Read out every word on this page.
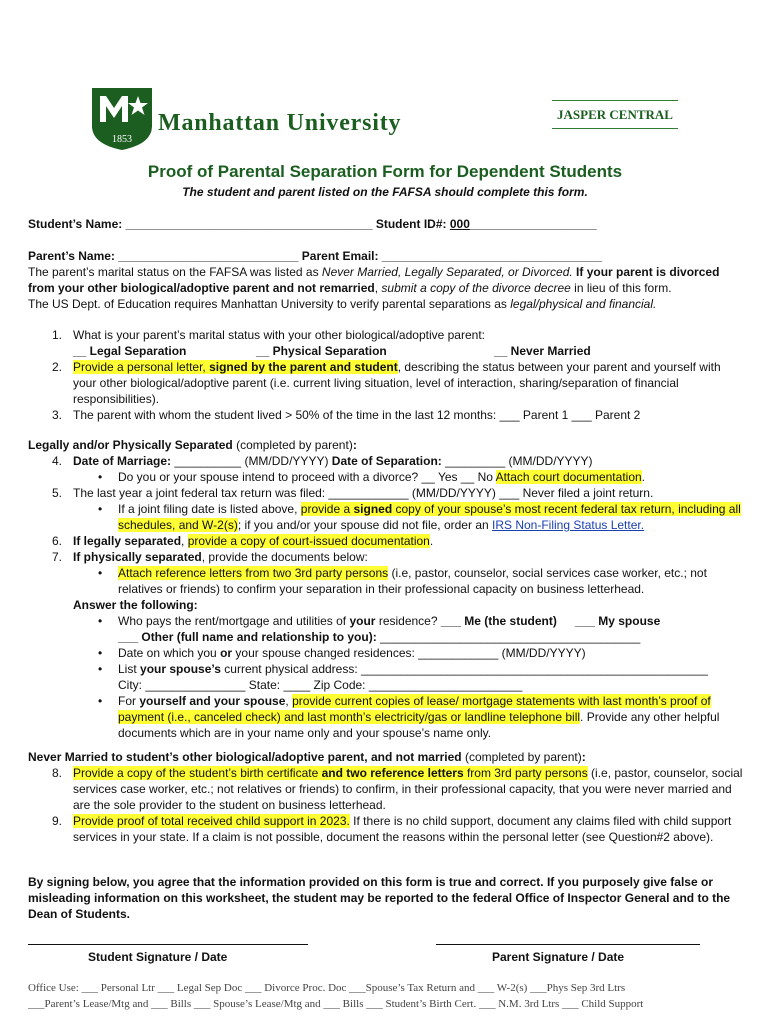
1853
Manhattan University	JASPER CENTRAL
Proof of Parental Separation Form for Dependent Students
The student and parent listed on the FAFSA should complete this form.
Student’s Name: _____________________________________ Student ID#: 000___________________
Parent’s Name: ___________________________ Parent Email: _________________________________
The parent’s marital status on the FAFSA was listed as Never Married, Legally Separated, or Divorced. If your parent is divorced from your other biological/adoptive parent and not remarried, submit a copy of the divorce decree in lieu of this form.
The US Dept. of Education requires Manhattan University to verify parental separations as legal/physical and financial.
1. What is your parent’s marital status with your other biological/adoptive parent:
__ Legal Separation	__ Physical Separation	__ Never Married
2. Provide a personal letter, signed by the parent and student, describing the status between your parent and yourself with your other biological/adoptive parent (i.e. current living situation, level of interaction, sharing/separation of financial responsibilities).
3. The parent with whom the student lived > 50% of the time in the last 12 months: ___ Parent 1 ___ Parent 2
Legally and/or Physically Separated (completed by parent):
4. Date of Marriage: __________ (MM/DD/YYYY) Date of Separation: _________ (MM/DD/YYYY)
• Do you or your spouse intend to proceed with a divorce? __ Yes __ No Attach court documentation.
5. The last year a joint federal tax return was filed: ____________ (MM/DD/YYYY) ___ Never filed a joint return.
• If a joint filing date is listed above, provide a signed copy of your spouse’s most recent federal tax return, including all schedules, and W-2(s); if you and/or your spouse did not file, order an IRS Non-Filing Status Letter.
6. If legally separated, provide a copy of court-issued documentation.
7. If physically separated, provide the documents below:
• Attach reference letters from two 3rd party persons (i.e, pastor, counselor, social services case worker, etc.; not relatives or friends) to confirm your separation in their professional capacity on business letterhead.
Answer the following:
• Who pays the rent/mortgage and utilities of your residence? ___ Me (the student) ___ My spouse
___ Other (full name and relationship to you): _______________________________________
• Date on which you or your spouse changed residences: ____________ (MM/DD/YYYY)
• List your spouse’s current physical address: ____________________________________________________
City: _______________ State: ____ Zip Code: _______________________
• For yourself and your spouse, provide current copies of lease/ mortgage statements with last month’s proof of payment (i.e., canceled check) and last month’s electricity/gas or landline telephone bill. Provide any other helpful documents which are in your name only and your spouse’s name only.
Never Married to student’s other biological/adoptive parent, and not married (completed by parent):
8. Provide a copy of the student’s birth certificate and two reference letters from 3rd party persons (i.e, pastor, counselor, social services case worker, etc.; not relatives or friends) to confirm, in their professional capacity, that you were never married and are the sole provider to the student on business letterhead.
9. Provide proof of total received child support in 2023. If there is no child support, document any claims filed with child support services in your state. If a claim is not possible, document the reasons within the personal letter (see Question#2 above).
By signing below, you agree that the information provided on this form is true and correct. If you purposely give false or misleading information on this worksheet, the student may be reported to the federal Office of Inspector General and to the Dean of Students.
Student Signature / Date	Parent Signature / Date
Office Use: ___ Personal Ltr ___ Legal Sep Doc ___ Divorce Proc. Doc ___Spouse’s Tax Return and ___ W-2(s) ___Phys Sep 3rd Ltrs
___Parent’s Lease/Mtg and ___ Bills ___ Spouse’s Lease/Mtg and ___ Bills ___ Student’s Birth Cert. ___ N.M. 3rd Ltrs ___ Child Support
